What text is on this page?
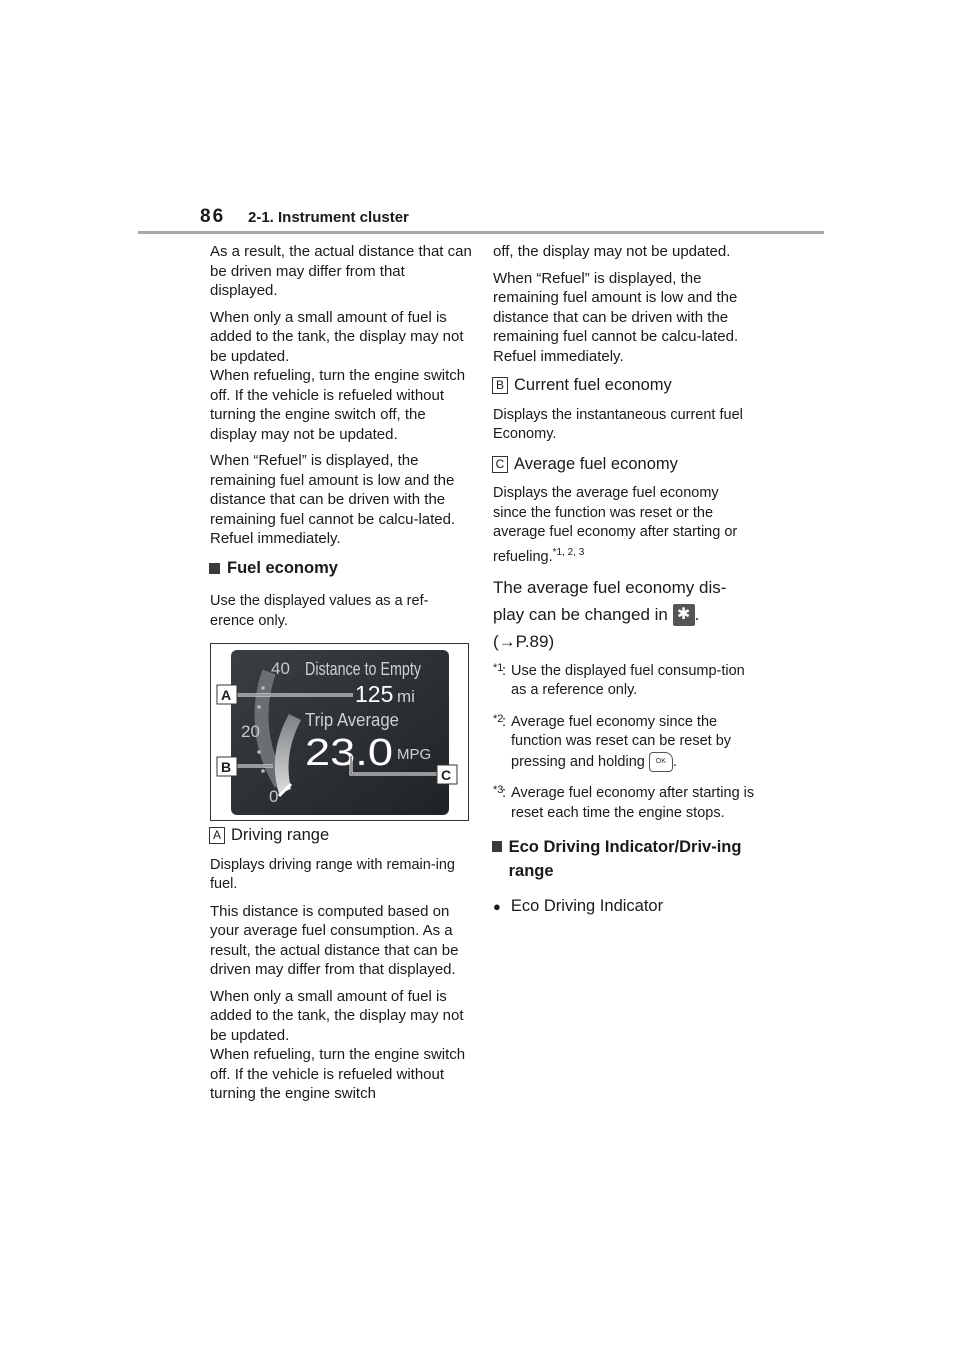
86 2-1. Instrument cluster

As a result, the actual distance that can be driven may differ from that displayed.

When only a small amount of fuel is added to the tank, the display may not be updated.

When refueling, turn the engine switch off. If the vehicle is refueled without turning the engine switch off, the display may not be updated.

When “Refuel” is displayed, the remaining fuel amount is low and the distance that can be driven with the remaining fuel cannot be calcu-lated.

Refuel immediately.

Fuel economy

Use the displayed values as a ref-erence only.

40
20
0
Distance to Empty
125 mi
Trip Average
23.0 MPG
A
B	C

A Driving range

Displays driving range with remain-ing fuel.

This distance is computed based on your average fuel consumption. As a result, the actual distance that can be driven may differ from that displayed.

When only a small amount of fuel is added to the tank, the display may not be updated.

When refueling, turn the engine switch off. If the vehicle is refueled without turning the engine switch

off, the display may not be updated.

When “Refuel” is displayed, the remaining fuel amount is low and the distance that can be driven with the remaining fuel cannot be calcu-lated.

Refuel immediately.

B Current fuel economy

Displays the instantaneous current fuel Economy.

C Average fuel economy

Displays the average fuel economy since the function was reset or the average fuel economy after starting or refueling.$^{*1, 2, 3}$

The average fuel economy dis-play can be changed in ✱ .
(→P.89)

*1
: Use the displayed fuel consump-tion as a reference only.

*2
: Average fuel economy since the function was reset can be reset by pressing and holding OK .

*3
: Average fuel economy after starting is reset each time the engine stops.

Eco Driving Indicator/Driv-ing range

● Eco Driving Indicator
